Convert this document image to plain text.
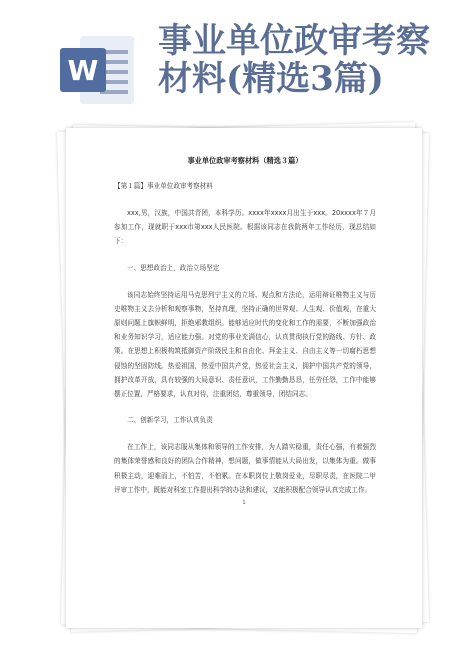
W
事业单位政审考察
材料(精选3篇)
事业单位政审考察材料（精选３篇）
【第１篇】事业单位政审考察材料
xxx,男，汉族，中国共青团，本科学历。xxxx年xxxx月出生于xxx。20xxxx年７月参加工作，现就职于xxx市第xxx人民医院。根据该同志在我院两年工作经历，现总结如下：
一、思想政治上，政治立场坚定
该同志始终坚持运用马克思列宁主义的立场、观点和方法论，运用辩证唯物主义与历史唯物主义去分析和观察事物，坚持真理，坚持正确的世界观、人生观、价值观，在重大原则问题上旗帜鲜明，拒绝邪教组织。能够适应时代的变化和工作的需要，不断加强政治和业务知识学习，适应能力强。对党的事业充满信心，认真贯彻执行党的路线、方针、政策。在思想上积极构筑抵御资产阶级民主和自由化、拜金主义、自由主义等一切腐朽思想侵蚀的坚固防线。热爱祖国，热爱中国共产党，热爱社会主义，拥护中国共产党的领导，拥护改革开放，具有较强的大局意识、责任意识，工作勤勤恳恳，任劳任怨，工作中能够摆正位置，严格要求，认真对待，注重团结，尊重领导，团结同志。
二、创新学习，工作认真负责
在工作上，该同志服从集体和领导的工作安排，为人踏实稳重，责任心强，有着强烈的集体荣誉感和良好的团队合作精神，想问题，做事情能从大局出发，以集体为重。做事积极主动，迎难而上，不怕苦，不怕累。在本职岗位上敬岗爱业，尽职尽责，在医院二甲评审工作中，既能对科室工作提出科学的办法和建议，又能积极配合领导认真完成工作。
1
